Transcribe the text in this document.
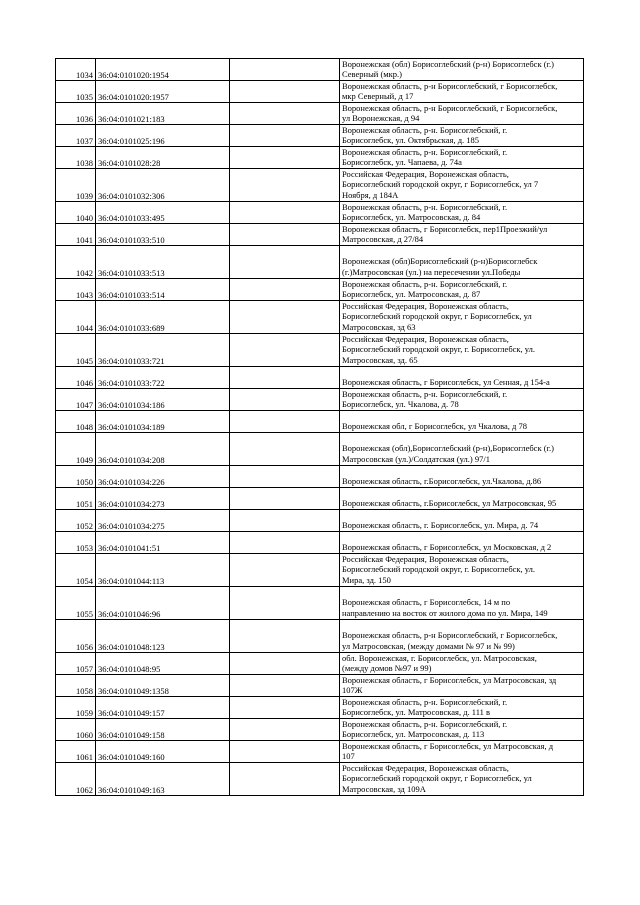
1034	36:04:0101020:1954		Воронежская (обл) Борисоглебский (р-н) Борисоглебск (г.)
Северный (мкр.)
1035	36:04:0101020:1957		Воронежская область, р-н Борисоглебский, г Борисоглебск,
мкр Северный, д 17
1036	36:04:0101021:183		Воронежская область, р-н Борисоглебский, г Борисоглебск,
ул Воронежская, д 94
1037	36:04:0101025:196		Воронежская область, р-н. Борисоглебский, г.
Борисоглебск, ул. Октябрьская, д. 185
1038	36:04:0101028:28		Воронежская область, р-н. Борисоглебский, г.
Борисоглебск, ул. Чапаева, д. 74а
1039	36:04:0101032:306		Российская Федерация, Воронежская область,
Борисоглебский городской округ, г Борисоглебск, ул 7
Ноября, д 184А
1040	36:04:0101033:495		Воронежская область, р-н. Борисоглебский, г.
Борисоглебск, ул. Матросовская, д. 84
1041	36:04:0101033:510		Воронежская область, г Борисоглебск, пер1Проезжий/ул
Матросовская, д 27/84
1042	36:04:0101033:513		
Воронежская (обл)Борисоглебский (р-н)Борисоглебск
(г.)Матросовская (ул.) на пересечении ул.Победы
1043	36:04:0101033:514		Воронежская область, р-н. Борисоглебский, г.
Борисоглебск, ул. Матросовская, д. 87
1044	36:04:0101033:689		Российская Федерация, Воронежская область,
Борисоглебский городской округ, г Борисоглебск, ул
Матросовская, зд 63
1045	36:04:0101033:721		Российская Федерация, Воронежская область,
Борисоглебский городской округ, г. Борисоглебск, ул.
Матросовская, зд. 65
1046	36:04:0101033:722		
Воронежская область, г Борисоглебск, ул Сенная, д 154-а
1047	36:04:0101034:186		Воронежская область, р-н. Борисоглебский, г.
Борисоглебск, ул. Чкалова, д. 78
1048	36:04:0101034:189		
Воронежская обл, г Борисоглебск, ул Чкалова, д 78
1049	36:04:0101034:208		
Воронежская (обл),Борисоглебский (р-н),Борисоглебск (г.)
Матросовская (ул.)/Солдатская (ул.) 97/1
1050	36:04:0101034:226		
Воронежская область, г.Борисоглебск, ул.Чкалова, д.86
1051	36:04:0101034:273		
Воронежская область, г.Борисоглебск, ул Матросовская, 95
1052	36:04:0101034:275		
Воронежская область, г. Борисоглебск, ул. Мира, д. 74
1053	36:04:0101041:51		
Воронежская область, г Борисоглебск, ул Московская, д 2
1054	36:04:0101044:113		Российская Федерация, Воронежская область,
Борисоглебский городской округ, г. Борисоглебск, ул.
Мира, зд. 150
1055	36:04:0101046:96		
Воронежская область, г Борисоглебск, 14 м по
направлению на восток от жилого дома по ул. Мира, 149
1056	36:04:0101048:123		
Воронежская область, р-н Борисоглебский, г Борисоглебск,
ул Матросовская, (между домами № 97 и № 99)
1057	36:04:0101048:95		обл. Воронежская, г. Борисоглебск, ул. Матросовская,
(между домов №97 и 99)
1058	36:04:0101049:1358		Воронежская область, г Борисоглебск, ул Матросовская, зд
107Ж
1059	36:04:0101049:157		Воронежская область, р-н. Борисоглебский, г.
Борисоглебск, ул. Матросовская, д. 111 в
1060	36:04:0101049:158		Воронежская область, р-н. Борисоглебский, г.
Борисоглебск, ул. Матросовская, д. 113
1061	36:04:0101049:160		Воронежская область, г Борисоглебск, ул Матросовская, д
107
1062	36:04:0101049:163		Российская Федерация, Воронежская область,
Борисоглебский городской округ, г Борисоглебск, ул
Матросовская, зд 109А
